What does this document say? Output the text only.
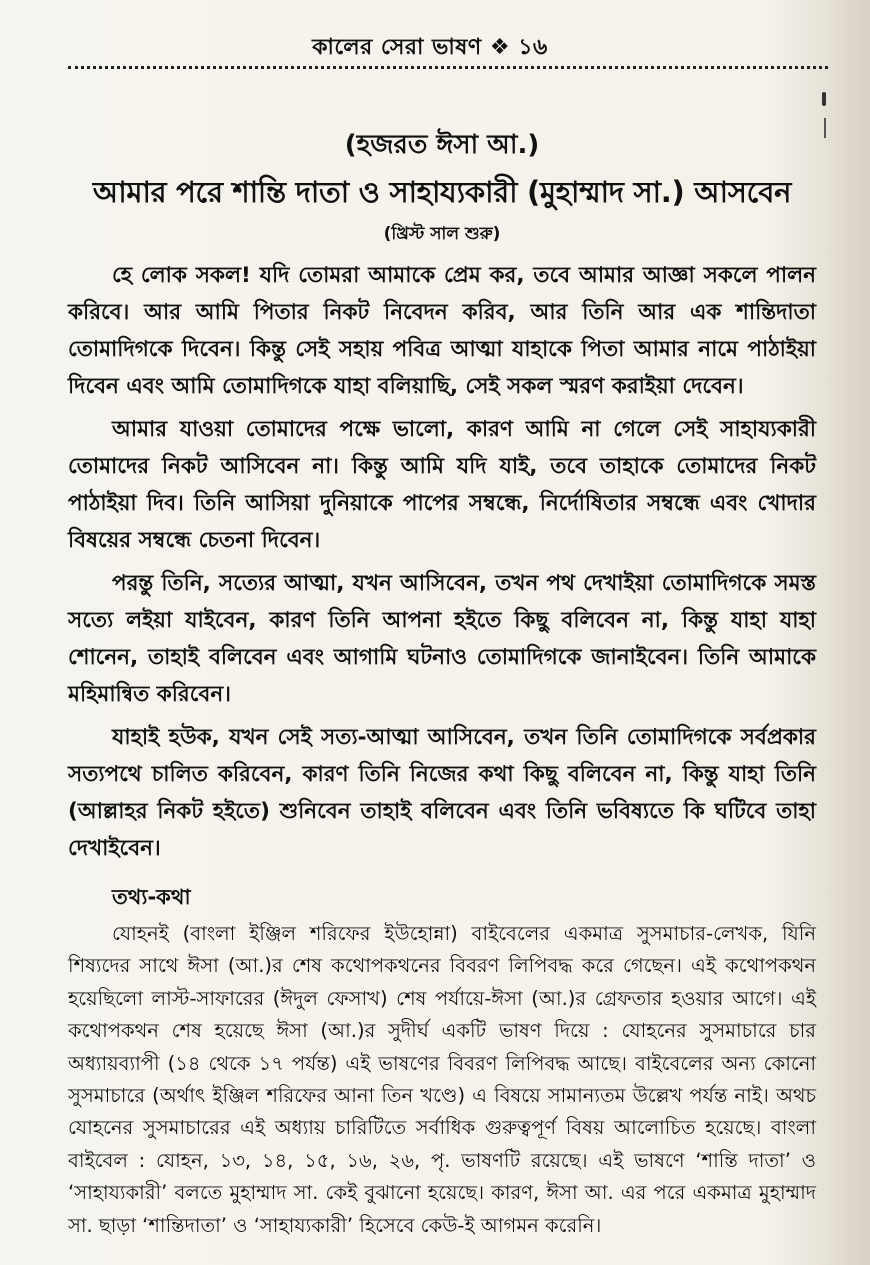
কালের সেরা ভাষণ ❖ ১৬
(হজরত ঈসা আ.)
আমার পরে শান্তি দাতা ও সাহায্যকারী (মুহাম্মাদ সা.) আসবেন
(খ্রিস্ট সাল শুরু)

হে লোক সকল! যদি তোমরা আমাকে প্রেম কর, তবে আমার আজ্ঞা সকলে পালন করিবে। আর আমি পিতার নিকট নিবেদন করিব, আর তিনি আর এক শান্তিদাতা তোমাদিগকে দিবেন। কিন্তু সেই সহায় পবিত্র আত্মা যাহাকে পিতা আমার নামে পাঠাইয়া দিবেন এবং আমি তোমাদিগকে যাহা বলিয়াছি, সেই সকল স্মরণ করাইয়া দেবেন।

আমার যাওয়া তোমাদের পক্ষে ভালো, কারণ আমি না গেলে সেই সাহায্যকারী তোমাদের নিকট আসিবেন না। কিন্তু আমি যদি যাই, তবে তাহাকে তোমাদের নিকট পাঠাইয়া দিব। তিনি আসিয়া দুনিয়াকে পাপের সম্বন্ধে, নির্দোষিতার সম্বন্ধে এবং খোদার বিষয়ের সম্বন্ধে চেতনা দিবেন।

পরন্তু তিনি, সত্যের আত্মা, যখন আসিবেন, তখন পথ দেখাইয়া তোমাদিগকে সমস্ত সত্যে লইয়া যাইবেন, কারণ তিনি আপনা হইতে কিছু বলিবেন না, কিন্তু যাহা যাহা শোনেন, তাহাই বলিবেন এবং আগামি ঘটনাও তোমাদিগকে জানাইবেন। তিনি আমাকে মহিমান্বিত করিবেন।

যাহাই হউক, যখন সেই সত্য-আত্মা আসিবেন, তখন তিনি তোমাদিগকে সর্বপ্রকার সত্যপথে চালিত করিবেন, কারণ তিনি নিজের কথা কিছু বলিবেন না, কিন্তু যাহা তিনি (আল্লাহর নিকট হইতে) শুনিবেন তাহাই বলিবেন এবং তিনি ভবিষ্যতে কি ঘটিবে তাহা দেখাইবেন।

তথ্য-কথা

যোহনই (বাংলা ইঞ্জিল শরিফের ইউহোন্না) বাইবেলের একমাত্র সুসমাচার-লেখক, যিনি শিষ্যদের সাথে ঈসা (আ.)র শেষ কথোপকথনের বিবরণ লিপিবদ্ধ করে গেছেন। এই কথোপকথন হয়েছিলো লাস্ট-সাফারের (ঈদুল ফেসাখ) শেষ পর্যায়ে-ঈসা (আ.)র গ্রেফতার হওয়ার আগে। এই কথোপকথন শেষ হয়েছে ঈসা (আ.)র সুদীর্ঘ একটি ভাষণ দিয়ে : যোহনের সুসমাচারে চার অধ্যায়ব্যাপী (১৪ থেকে ১৭ পর্যন্ত) এই ভাষণের বিবরণ লিপিবদ্ধ আছে। বাইবেলের অন্য কোনো সুসমাচারে (অর্থাৎ ইঞ্জিল শরিফের আনা তিন খণ্ডে) এ বিষয়ে সামান্যতম উল্লেখ পর্যন্ত নাই। অথচ যোহনের সুসমাচারের এই অধ্যায় চারিটিতে সর্বাধিক গুরুত্বপূর্ণ বিষয় আলোচিত হয়েছে। বাংলা বাইবেল : যোহন, ১৩, ১৪, ১৫, ১৬, ২৬, পৃ. ভাষণটি রয়েছে। এই ভাষণে ‘শান্তি দাতা’ ও ‘সাহায্যকারী’ বলতে মুহাম্মাদ সা. কেই বুঝানো হয়েছে। কারণ, ঈসা আ. এর পরে একমাত্র মুহাম্মাদ সা. ছাড়া ‘শান্তিদাতা’ ও ‘সাহায্যকারী’ হিসেবে কেউ-ই আগমন করেনি।
